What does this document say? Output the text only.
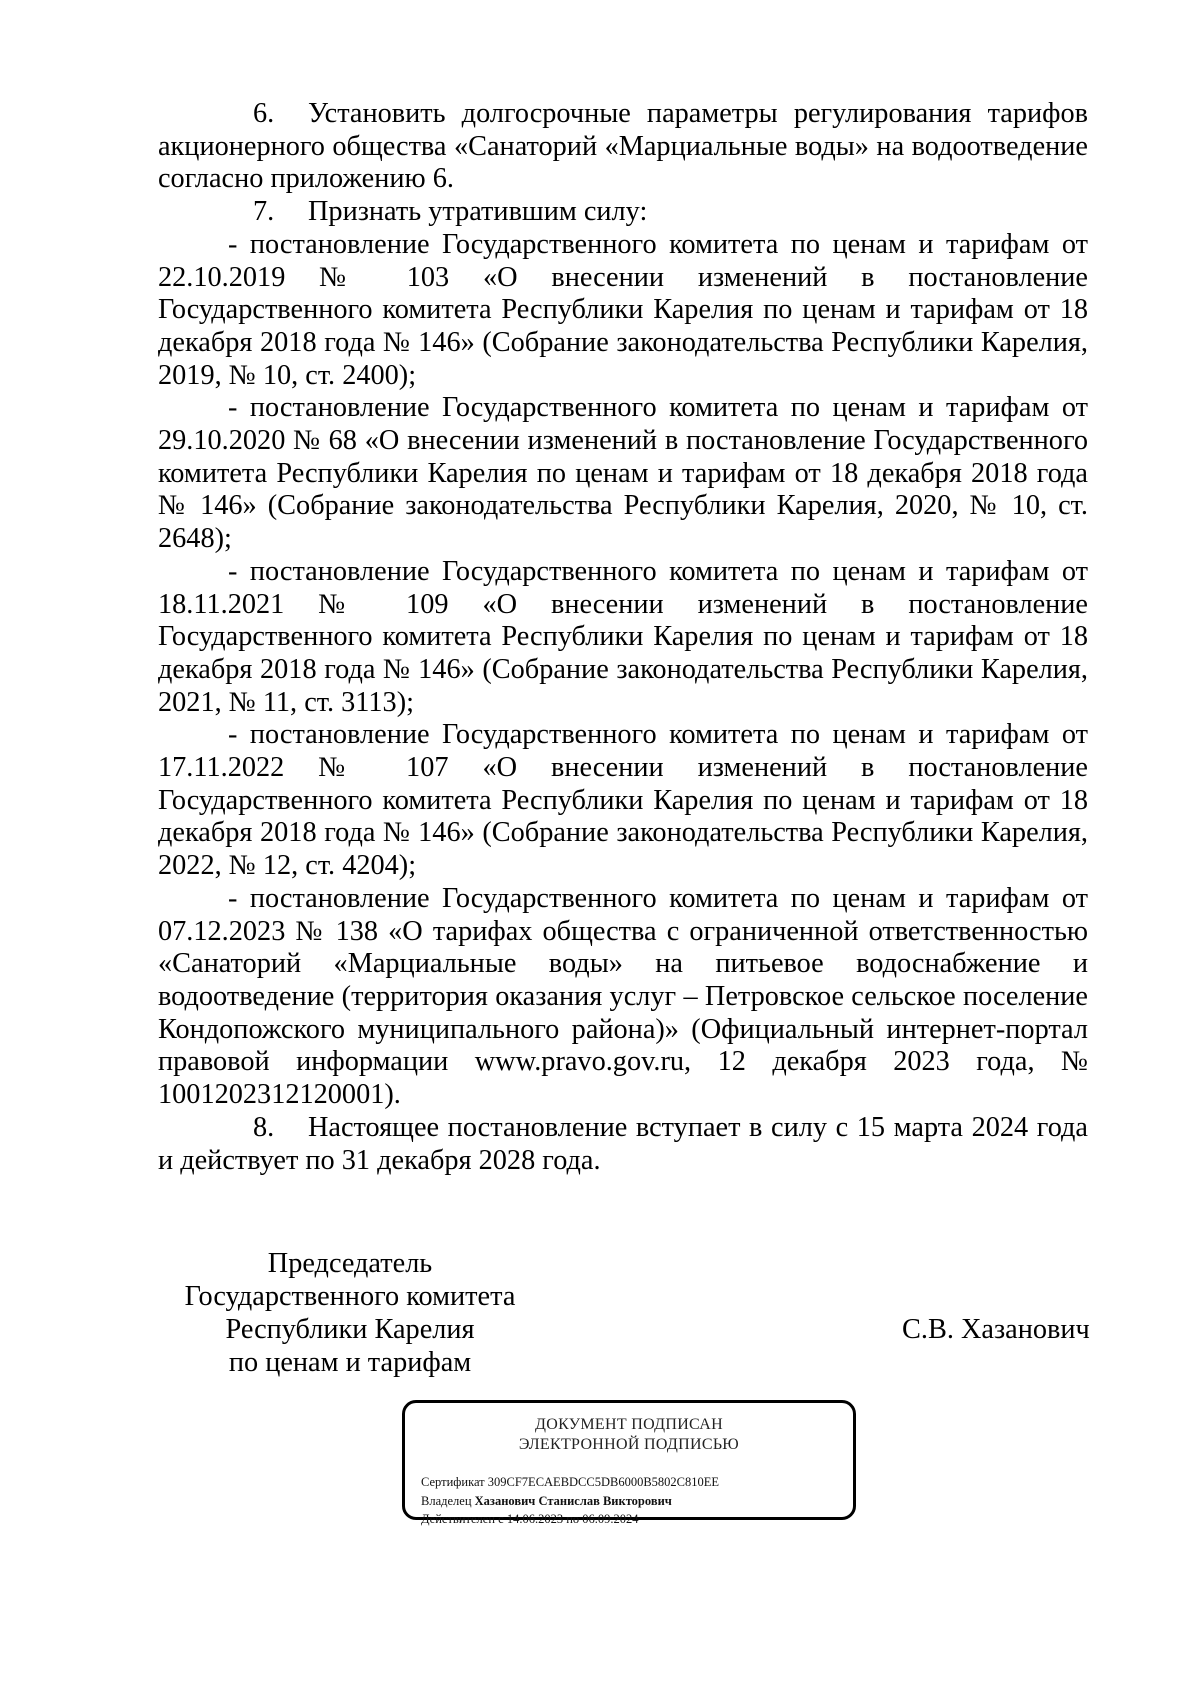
6. Установить долгосрочные параметры регулирования тарифов акционерного общества «Санаторий «Марциальные воды» на водоотведение согласно приложению 6.

7. Признать утратившим силу:

- постановление Государственного комитета по ценам и тарифам от 22.10.2019 № 103 «О внесении изменений в постановление Государственного комитета Республики Карелия по ценам и тарифам от 18 декабря 2018 года № 146» (Собрание законодательства Республики Карелия, 2019, № 10, ст. 2400);

- постановление Государственного комитета по ценам и тарифам от 29.10.2020 № 68 «О внесении изменений в постановление Государственного комитета Республики Карелия по ценам и тарифам от 18 декабря 2018 года № 146» (Собрание законодательства Республики Карелия, 2020, № 10, ст. 2648);

- постановление Государственного комитета по ценам и тарифам от 18.11.2021 № 109 «О внесении изменений в постановление Государственного комитета Республики Карелия по ценам и тарифам от 18 декабря 2018 года № 146» (Собрание законодательства Республики Карелия, 2021, № 11, ст. 3113);

- постановление Государственного комитета по ценам и тарифам от 17.11.2022 № 107 «О внесении изменений в постановление Государственного комитета Республики Карелия по ценам и тарифам от 18 декабря 2018 года № 146» (Собрание законодательства Республики Карелия, 2022, № 12, ст. 4204);

- постановление Государственного комитета по ценам и тарифам от 07.12.2023 № 138 «О тарифах общества с ограниченной ответственностью «Санаторий «Марциальные воды» на питьевое водоснабжение и водоотведение (территория оказания услуг – Петровское сельское поселение Кондопожского муниципального района)» (Официальный интернет-портал правовой информации www.pravo.gov.ru, 12 декабря 2023 года, № 1001202312120001).

8. Настоящее постановление вступает в силу с 15 марта 2024 года и действует по 31 декабря 2028 года.

Председатель
Государственного комитета
Республики Карелия
по ценам и тарифам
С.В. Хазанович
ДОКУМЕНТ ПОДПИСАН
ЭЛЕКТРОННОЙ ПОДПИСЬЮ
Сертификат 309CF7ECAEBDCC5DB6000B5802C810EE
Владелец Хазанович Станислав Викторович
Действителен с 14.06.2023 по 06.09.2024
